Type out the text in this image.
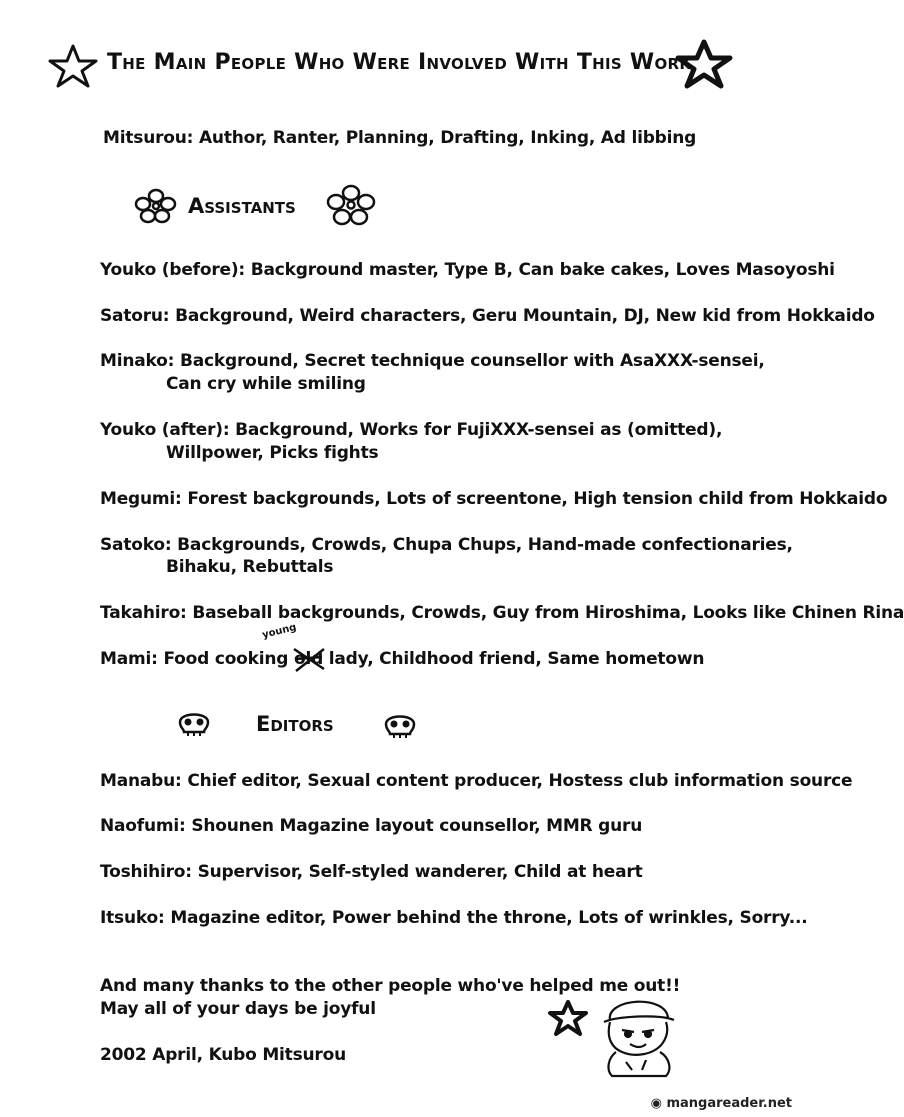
The Main People Who Were Involved With This Work
Mitsurou: Author, Ranter, Planning, Drafting, Inking, Ad libbing
Assistants
Youko (before): Background master, Type B, Can bake cakes, Loves Masoyoshi
Satoru: Background, Weird characters, Geru Mountain, DJ, New kid from Hokkaido
Minako: Background, Secret technique counsellor with AsaXXX-sensei,
Can cry while smiling
Youko (after): Background, Works for FujiXXX-sensei as (omitted),
Willpower, Picks fights
Megumi: Forest backgrounds, Lots of screentone, High tension child from Hokkaido
Satoko: Backgrounds, Crowds, Chupa Chups, Hand-made confectionaries,
Bihaku, Rebuttals
Takahiro: Baseball backgrounds, Crowds, Guy from Hiroshima, Looks like Chinen Rina
young
Mami: Food cooking old
lady, Childhood friend, Same hometown
Editors
Manabu: Chief editor, Sexual content producer, Hostess club information source
Naofumi: Shounen Magazine layout counsellor, MMR guru
Toshihiro: Supervisor, Self-styled wanderer, Child at heart
Itsuko: Magazine editor, Power behind the throne, Lots of wrinkles, Sorry...
And many thanks to the other people who've helped me out!!
May all of your days be joyful
2002 April, Kubo Mitsurou
◉ mangareader.net
